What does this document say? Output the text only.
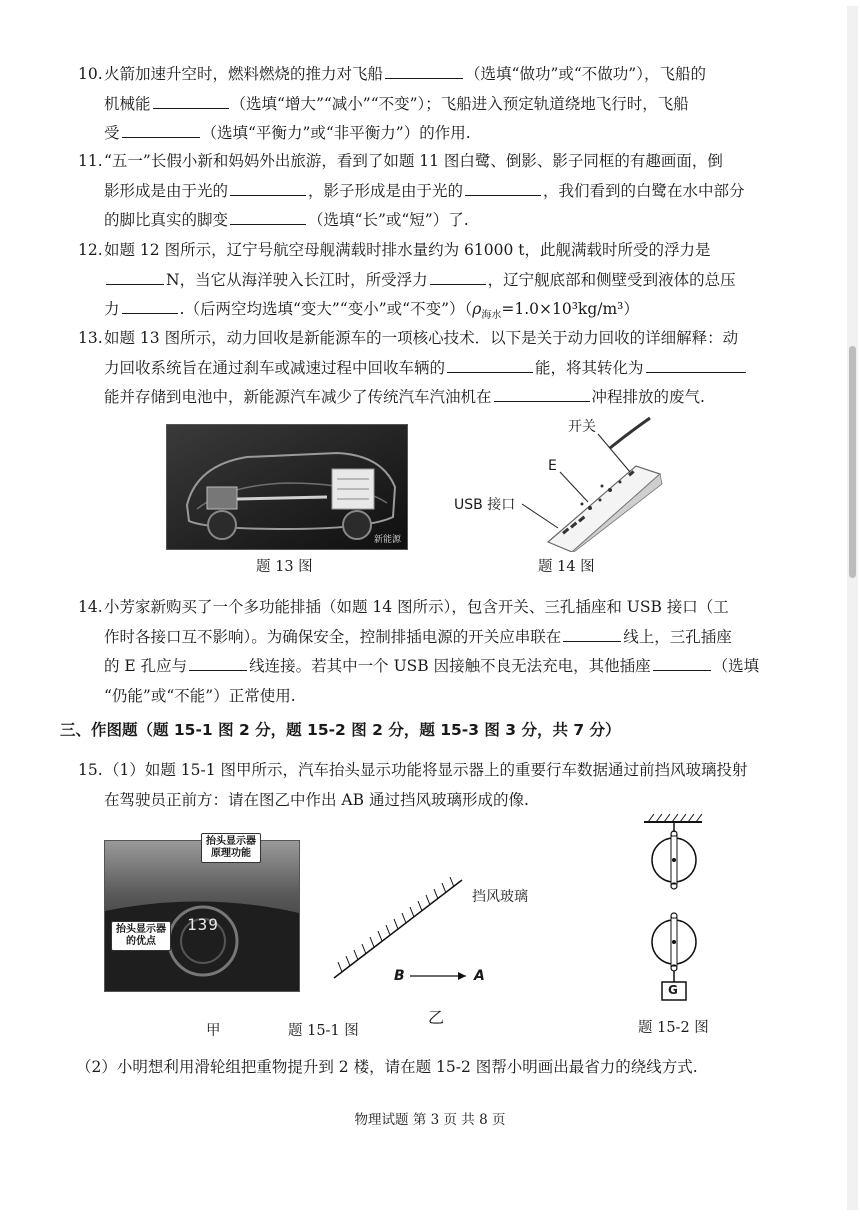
10.火箭加速升空时，燃料燃烧的推力对飞船	（选填“做功”或“不做功”），飞船的
机械能	（选填“增大”“减小”“不变”）；飞船进入预定轨道绕地飞行时，飞船
受	（选填“平衡力”或“非平衡力”）的作用.
11.“五一”长假小新和妈妈外出旅游，看到了如题 11 图白鹭、倒影、影子同框的有趣画面，倒
影形成是由于光的	，影子形成是由于光的	，我们看到的白鹭在水中部分
的脚比真实的脚变	（选填“长”或“短”）了.
12.如题 12 图所示，辽宁号航空母舰满载时排水量约为 61000 t，此舰满载时所受的浮力是
N，当它从海洋驶入长江时，所受浮力	，辽宁舰底部和侧壁受到液体的总压
力	.（后两空均选填“变大”“变小”或“不变$”)(\rho_{海水}=1.0\times 10^3kg/m^3)$
13.如题 13 图所示，动力回收是新能源车的一项核心技术．以下是关于动力回收的详细解释：动
力回收系统旨在通过刹车或减速过程中回收车辆的	能，将其转化为
能并存储到电池中，新能源汽车减少了传统汽车汽油机在	冲程排放的废气.
新能源
题 13 图
开关
E
USB 接口
题 14 图
14.小芳家新购买了一个多功能排插（如题 14 图所示），包含开关、三孔插座和 USB 接口（工
作时各接口互不影响）。为确保安全，控制排插电源的开关应串联在	线上，三孔插座
的 E 孔应与	线连接。若其中一个 USB 因接触不良无法充电，其他插座	（选填
“仍能”或“不能”）正常使用.
三、作图题（题 15-1 图 2 分，题 15-2 图 2 分，题 15-3 图 3 分，共 7 分）
15.（1）如题 15-1 图甲所示，汽车抬头显示功能将显示器上的重要行车数据通过前挡风玻璃投射
在驾驶员正前方：请在图乙中作出 AB 通过挡风玻璃形成的像.
抬头显示器
原理功能
抬头显示器
的优点
139
甲	题 15-1 图
挡风玻璃
B	A
乙
G
题 15-2 图
（2）小明想利用滑轮组把重物提升到 2 楼，请在题 15-2 图帮小明画出最省力的绕线方式.
物理试题 第 3 页 共 8 页
